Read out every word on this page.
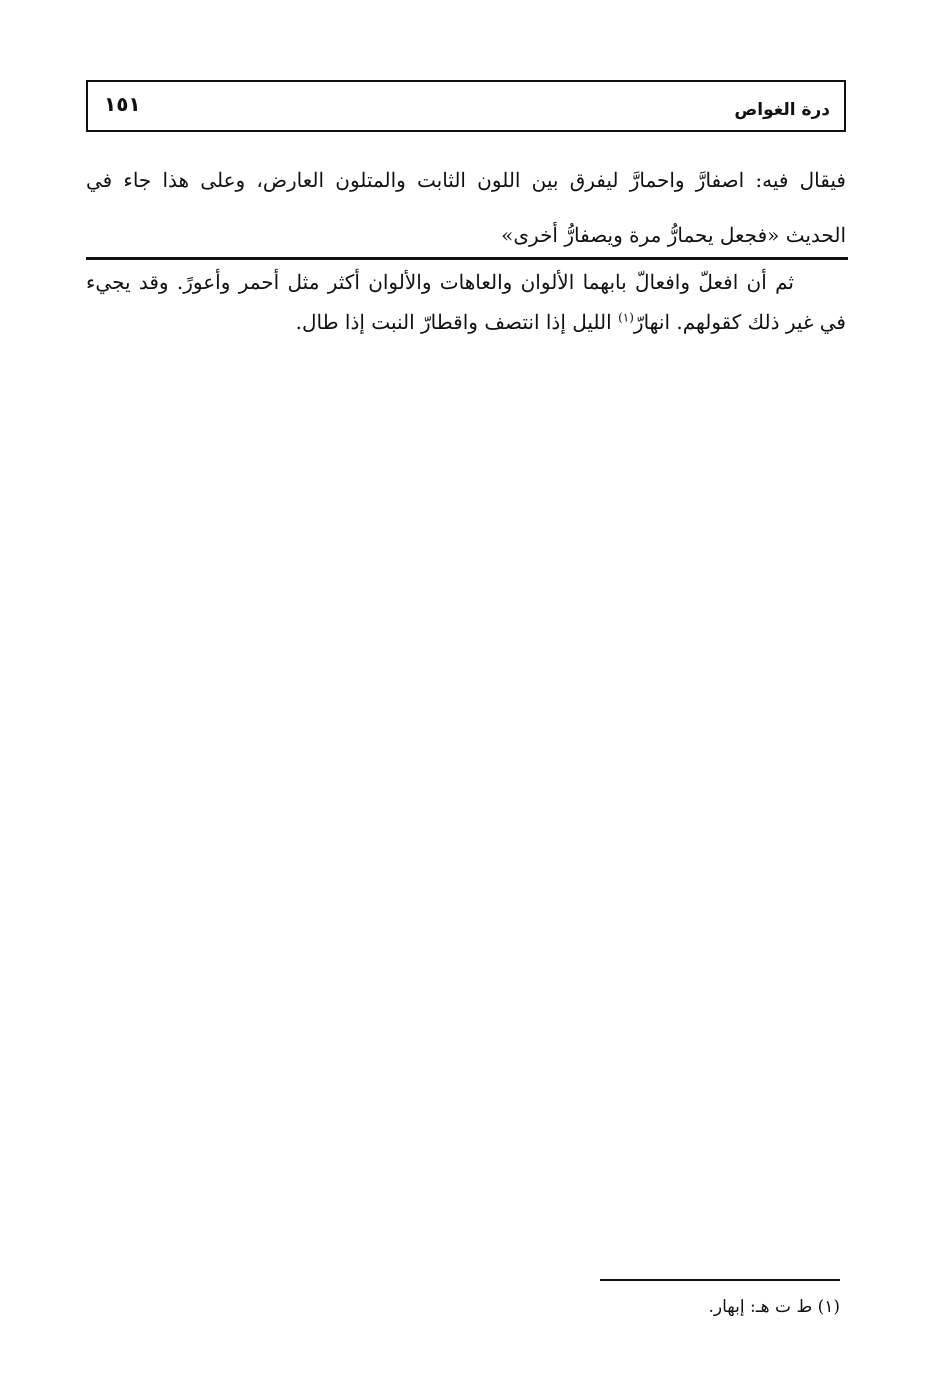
درة الغواص
١٥١

فيقال فيه: اصفارَّ واحمارَّ ليفرق بين اللون الثابت والمتلون العارض، وعلى هذا جاء في الحديث «فجعل يحمارُّ مرة ويصفارُّ أخرى»

ثم أن افعلّ وافعالّ بابهما الألوان والعاهات والألوان أكثر مثل أحمر وأعورً. وقد يجيء في غير ذلك كقولهم. انهارّ$^{(١)}$ الليل إذا انتصف واقطارّ النبت إذا طال.

(١) ط ت هـ: إبهار.
